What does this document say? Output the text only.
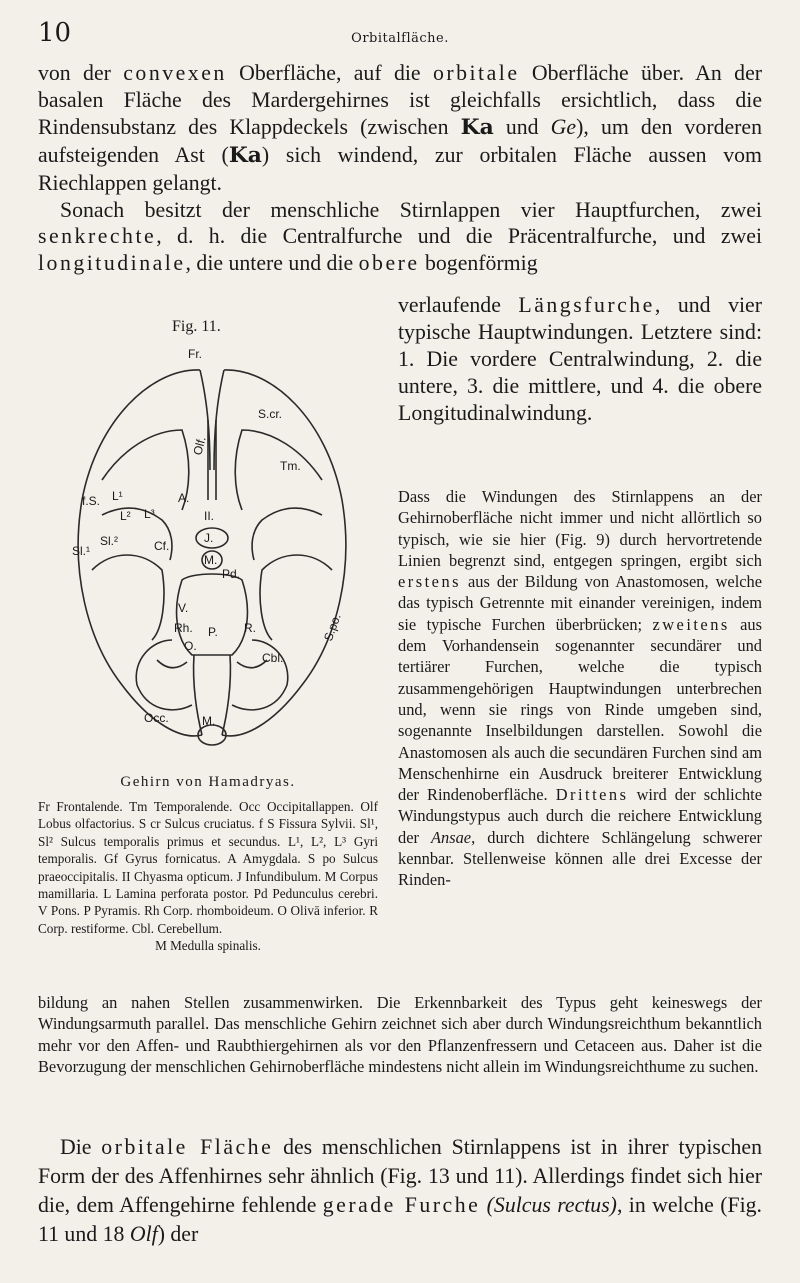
10	Orbitalfläche.
von der convexen Oberfläche, auf die orbitale Oberfläche über. An der basalen Fläche des Mardergehirnes ist gleichfalls ersichtlich, dass die Rindensubstanz des Klappdeckels (zwischen Ka und Ge), um den vorderen aufsteigenden Ast (Ka) sich windend, zur orbitalen Fläche aussen vom Riechlappen gelangt.
Sonach besitzt der menschliche Stirnlappen vier Hauptfurchen, zwei senkrechte, d. h. die Centralfurche und die Präcentralfurche, und zwei longitudinale, die untere und die obere bogenförmig
verlaufende Längsfurche, und vier typische Hauptwindungen. Letztere sind: 1. Die vordere Centralwindung, 2. die untere, 3. die mittlere, und 4. die obere Longitudinalwindung.
Fig. 11.
Fr.
S.cr.
Olf.
Tm.
f.S. L¹
L² L³
Sl.¹
Sl.²
A.
Cf.
II.
J.
M.
Pd.
V.
Rh. P. R.
O.
Cbl.
S.po.
Occ.	M.
Gehirn von Hamadryas.

Fr Frontalende. Tm Temporalende. Occ Occipitallappen. Olf Lobus olfactorius. S cr Sulcus cruciatus. f S Fissura Sylvii. Sl¹, Sl² Sulcus temporalis primus et secundus. L¹, L², L³ Gyri temporalis. Gf Gyrus fornicatus. A Amygdala. S po Sulcus praeoccipitalis. II Chyasma opticum. J Infundibulum. M Corpus mamillaria. L Lamina perforata postor. Pd Pedunculus cerebri. V Pons. P Pyramis. Rh Corp. rhomboideum. O Olivā inferior. R Corp. restiforme. Cbl. Cerebellum.

M Medulla spinalis.

Dass die Windungen des Stirnlappens an der Gehirnoberfläche nicht immer und nicht allörtlich so typisch, wie sie hier (Fig. 9) durch hervortretende Linien begrenzt sind, entgegen springen, ergibt sich erstens aus der Bildung von Anastomosen, welche das typisch Getrennte mit einander vereinigen, indem sie typische Furchen überbrücken; zweitens aus dem Vorhandensein sogenannter secundärer und tertiärer Furchen, welche die typisch zusammengehörigen Hauptwindungen unterbrechen und, wenn sie rings von Rinde umgeben sind, sogenannte Inselbildungen darstellen. Sowohl die Anastomosen als auch die secundären Furchen sind am Menschenhirne ein Ausdruck breiterer Entwicklung der Rindenoberfläche. Drittens wird der schlichte Windungstypus auch durch die reichere Entwicklung der Ansae, durch dichtere Schlängelung schwerer kennbar. Stellenweise können alle drei Excesse der Rinden-
bildung an nahen Stellen zusammenwirken. Die Erkennbarkeit des Typus geht keineswegs der Windungsarmuth parallel. Das menschliche Gehirn zeichnet sich aber durch Windungsreichthum bekanntlich mehr vor den Affen- und Raubthiergehirnen als vor den Pflanzenfressern und Cetaceen aus. Daher ist die Bevorzugung der menschlichen Gehirnoberfläche mindestens nicht allein im Windungsreichthume zu suchen.
Die orbitale Fläche des menschlichen Stirnlappens ist in ihrer typischen Form der des Affenhirnes sehr ähnlich (Fig. 13 und 11). Allerdings findet sich hier die, dem Affengehirne fehlende gerade Furche (Sulcus rectus), in welche (Fig. 11 und 18 Olf) der
